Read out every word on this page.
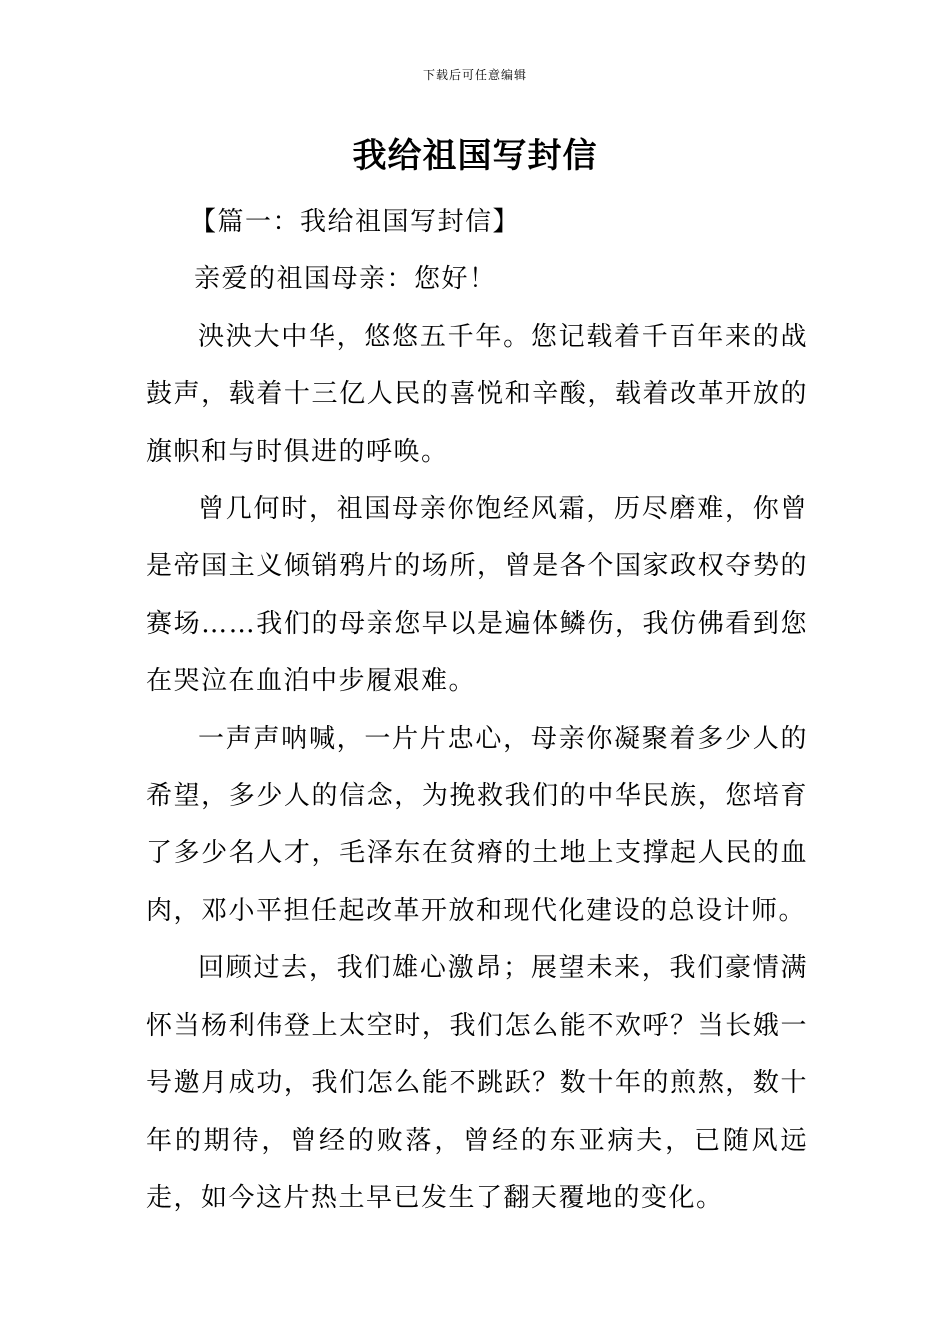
下载后可任意编辑
我给祖国写封信

【篇一：我给祖国写封信】

亲爱的祖国母亲：您好！

泱泱大中华，悠悠五千年。您记载着千百年来的战鼓声，载着十三亿人民的喜悦和辛酸，载着改革开放的旗帜和与时俱进的呼唤。

曾几何时，祖国母亲你饱经风霜，历尽磨难，你曾是帝国主义倾销鸦片的场所，曾是各个国家政权夺势的赛场……我们的母亲您早以是遍体鳞伤，我仿佛看到您在哭泣在血泊中步履艰难。

一声声呐喊，一片片忠心，母亲你凝聚着多少人的希望，多少人的信念，为挽救我们的中华民族，您培育了多少名人才，毛泽东在贫瘠的土地上支撑起人民的血肉，邓小平担任起改革开放和现代化建设的总设计师。

回顾过去，我们雄心激昂；展望未来，我们豪情满怀当杨利伟登上太空时，我们怎么能不欢呼？当长娥一号邀月成功，我们怎么能不跳跃？数十年的煎熬，数十年的期待，曾经的败落，曾经的东亚病夫，已随风远走，如今这片热土早已发生了翻天覆地的变化。
